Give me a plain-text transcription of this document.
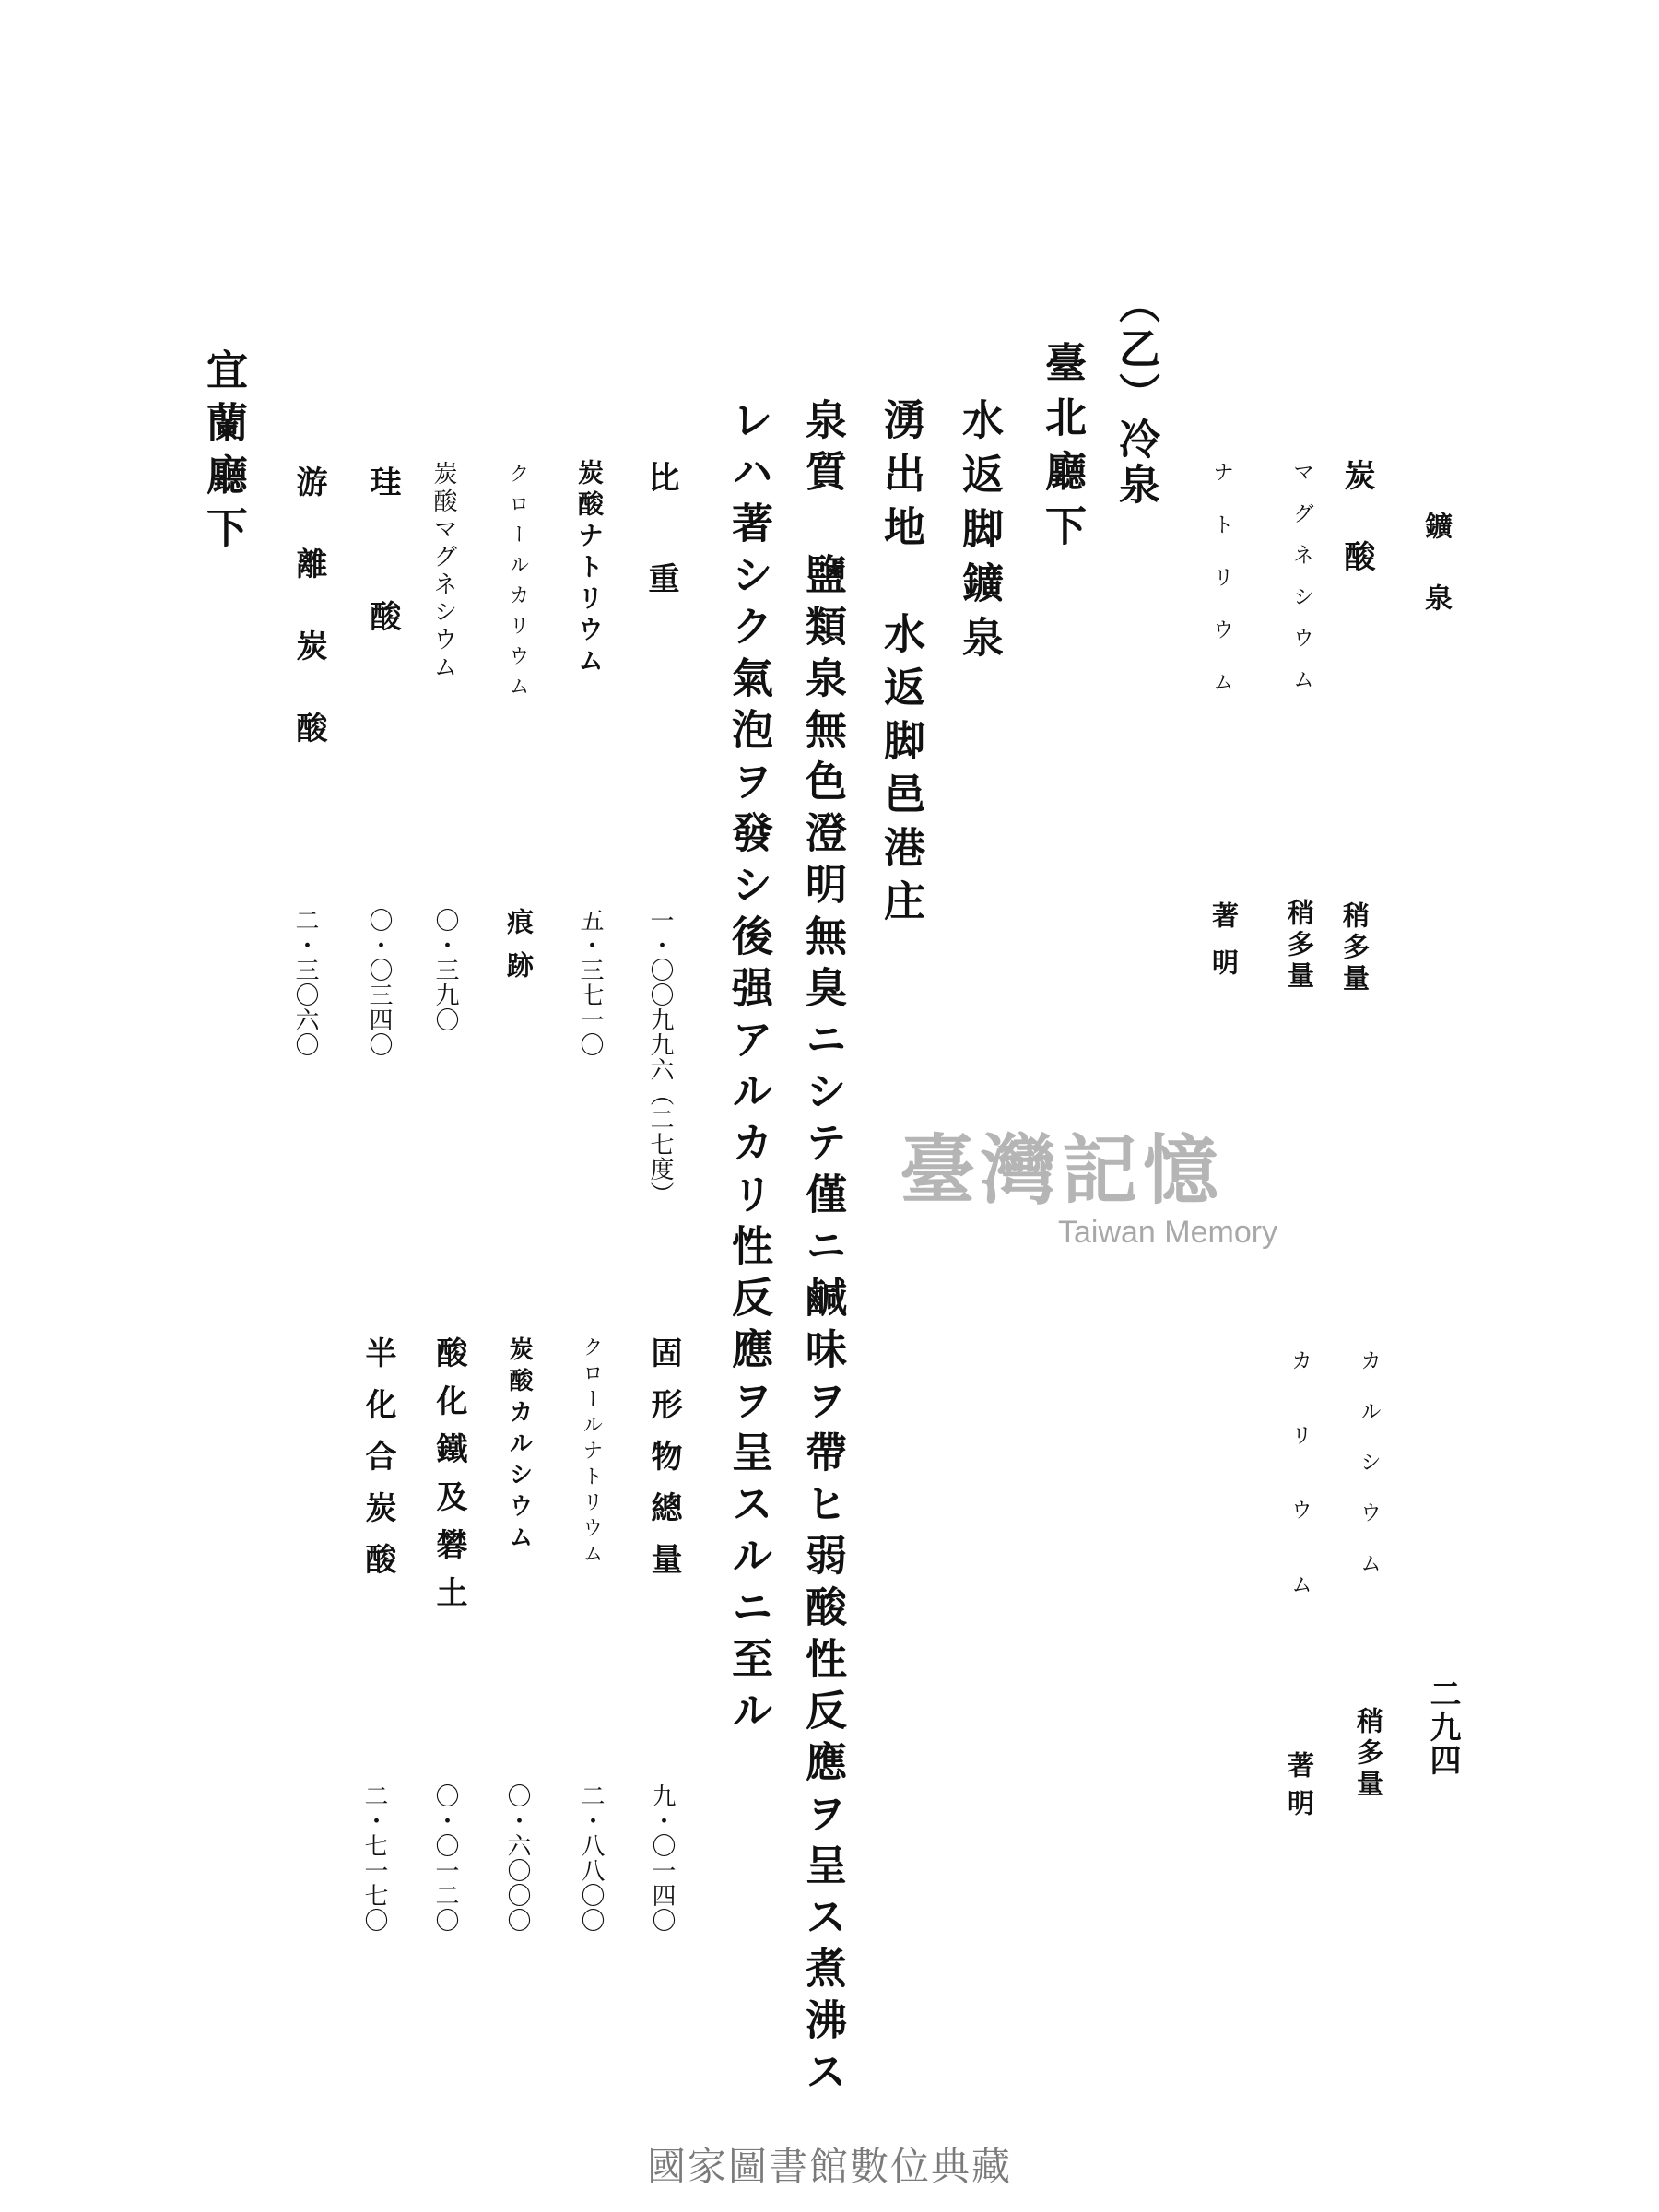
鑛泉
二九四
炭酸
稍多量
マグネシウム
稍多量
ナトリウム
著明
カルシウム
稍多量
カリウム
著明
（乙）冷泉
臺北廳下
水返脚鑛泉
湧出地　水返脚邑港庄
泉質　鹽類泉無色澄明無臭ニシテ僅ニ鹹味ヲ帶ヒ弱酸性反應ヲ呈ス煮沸ス
レハ著シク氣泡ヲ發シ後强アルカリ性反應ヲ呈スルニ至ル
比重
炭酸ナトリウム
クロールカリウム
炭酸マグネシウム
珪酸
游離炭酸
一・〇〇九九六（二七度）
五・三七一〇
痕跡
〇・三九〇
〇・〇三四〇
二・三〇六〇
固形物總量
クロールナトリウム
炭酸カルシウム
酸化鐵及礬土
半化合炭酸
九・〇一四〇
二・八八〇〇
〇・六〇〇〇
〇・〇一二〇
二・七一七〇
宜蘭廳下
臺灣記憶
Taiwan Memory
國家圖書館數位典藏
